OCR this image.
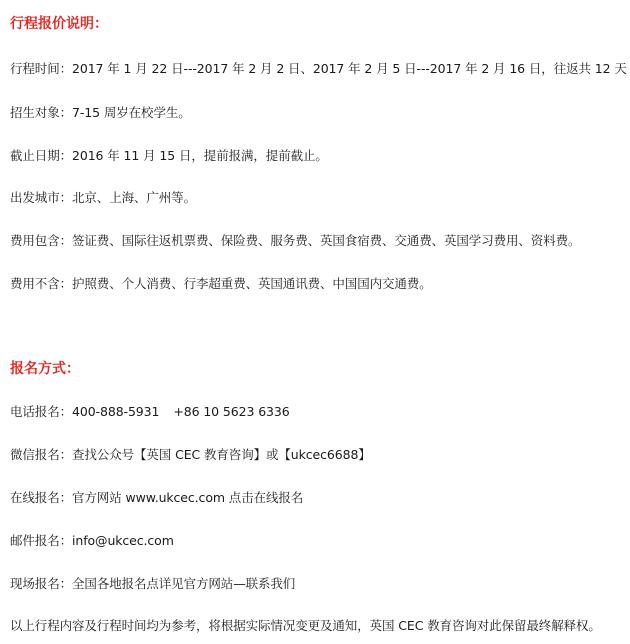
行程报价说明：

行程时间：2017 年 1 月 22 日---2017 年 2 月 2 日、2017 年 2 月 5 日---2017 年 2 月 16 日，往返共 12 天

招生对象：7-15 周岁在校学生。

截止日期：2016 年 11 月 15 日，提前报满，提前截止。

出发城市：北京、上海、广州等。

费用包含：签证费、国际往返机票费、保险费、服务费、英国食宿费、交通费、英国学习费用、资料费。

费用不含：护照费、个人消费、行李超重费、英国通讯费、中国国内交通费。

报名方式：

电话报名：400-888-5931 +86 10 5623 6336

微信报名：查找公众号【英国 CEC 教育咨询】或【ukcec6688】

在线报名：官方网站 www.ukcec.com 点击在线报名

邮件报名：info@ukcec.com

现场报名：全国各地报名点详见官方网站—联系我们

以上行程内容及行程时间均为参考，将根据实际情况变更及通知，英国 CEC 教育咨询对此保留最终解释权。
